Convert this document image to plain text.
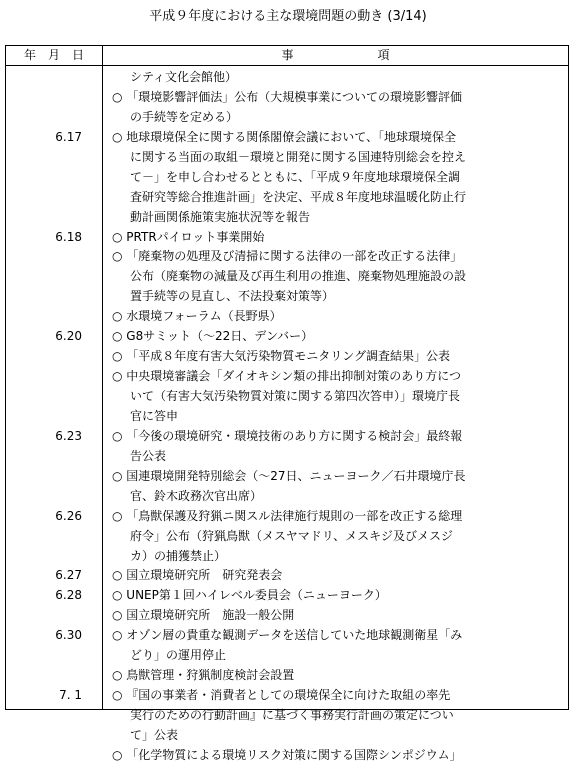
平成９年度における主な環境問題の動き (3/14)
年　月　日	事　　　　　　　項
シティ文化会館他）
○ 「環境影響評価法」公布（大規模事業についての環境影響評価
の手続等を定める）
6.17	○ 地球環境保全に関する関係閣僚会議において、「地球環境保全
に関する当面の取組－環境と開発に関する国連特別総会を控え
て－」を申し合わせるとともに、「平成９年度地球環境保全調
査研究等総合推進計画」を決定、平成８年度地球温暖化防止行
動計画関係施策実施状況等を報告
6.18	○ PRTRパイロット事業開始
○ 「廃棄物の処理及び清掃に関する法律の一部を改正する法律」
公布（廃棄物の減量及び再生利用の推進、廃棄物処理施設の設
置手続等の見直し、不法投棄対策等）
○ 水環境フォーラム（長野県）
6.20	○ G8サミット（～22日、デンバー）
○ 「平成８年度有害大気汚染物質モニタリング調査結果」公表
○ 中央環境審議会「ダイオキシン類の排出抑制対策のあり方につ
いて（有害大気汚染物質対策に関する第四次答申）」環境庁長
官に答申
6.23	○ 「今後の環境研究・環境技術のあり方に関する検討会」最終報
告公表
○ 国連環境開発特別総会（～27日、ニューヨーク／石井環境庁長
官、鈴木政務次官出席）
6.26	○ 「鳥獣保護及狩猟ニ関スル法律施行規則の一部を改正する総理
府令」公布（狩猟鳥獣（メスヤマドリ、メスキジ及びメスジ
カ）の捕獲禁止）
6.27	○ 国立環境研究所　研究発表会
6.28	○ UNEP第１回ハイレベル委員会（ニューヨーク）
○ 国立環境研究所　施設一般公開
6.30	○ オゾン層の貴重な観測データを送信していた地球観測衛星「み
どり」の運用停止
○ 鳥獣管理・狩猟制度検討会設置
7. 1	○ 『国の事業者・消費者としての環境保全に向けた取組の率先
実行のための行動計画』に基づく事務実行計画の策定につい
て」公表
○ 「化学物質による環境リスク対策に関する国際シンポジウム」
